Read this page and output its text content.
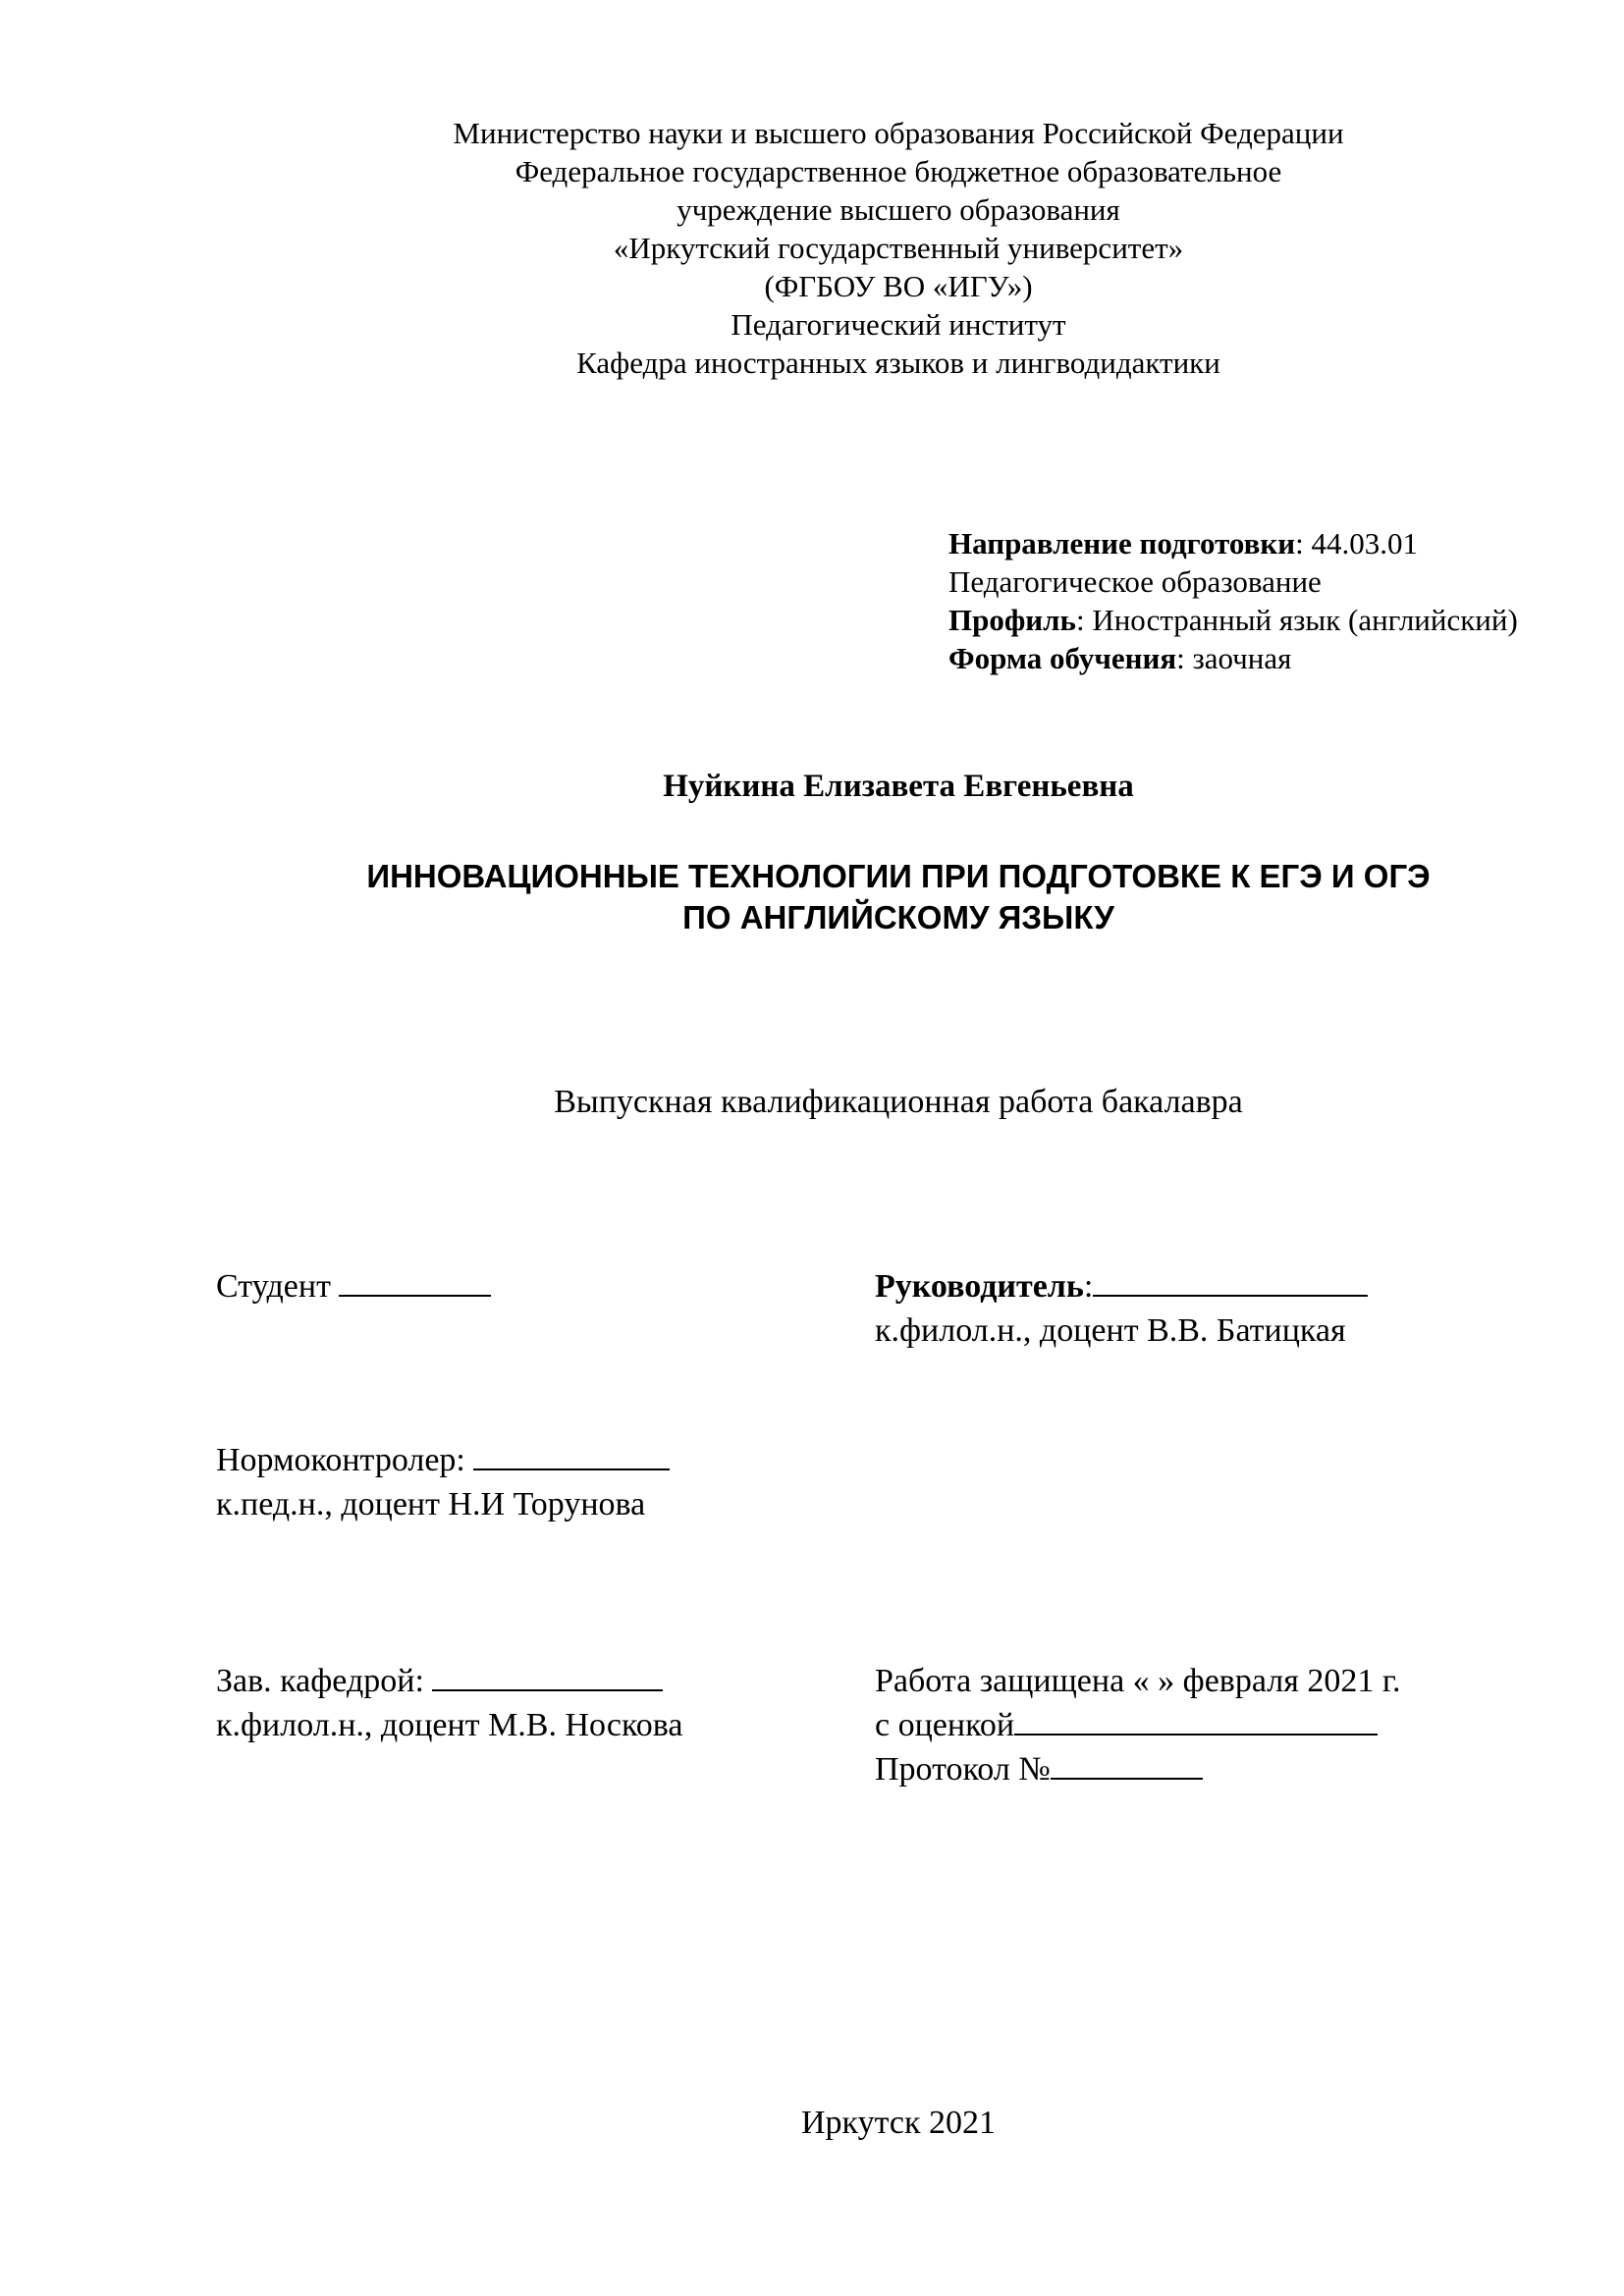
Министерство науки и высшего образования Российской Федерации
Федеральное государственное бюджетное образовательное
учреждение высшего образования
«Иркутский государственный университет»
(ФГБОУ ВО «ИГУ»)
Педагогический институт
Кафедра иностранных языков и лингводидактики
Направление подготовки: 44.03.01
Педагогическое образование
Профиль: Иностранный язык (английский)
Форма обучения: заочная
Нуйкина Елизавета Евгеньевна
ИННОВАЦИОННЫЕ ТЕХНОЛОГИИ ПРИ ПОДГОТОВКЕ К ЕГЭ И ОГЭ
ПО АНГЛИЙСКОМУ ЯЗЫКУ
Выпускная квалификационная работа бакалавра
Студент	Руководитель:
к.филол.н., доцент В.В. Батицкая
Нормоконтролер:
к.пед.н., доцент Н.И Торунова
Зав. кафедрой:
к.филол.н., доцент М.В. Носкова
Работа защищена « » февраля 2021 г.
с оценкой
Протокол №
Иркутск 2021
